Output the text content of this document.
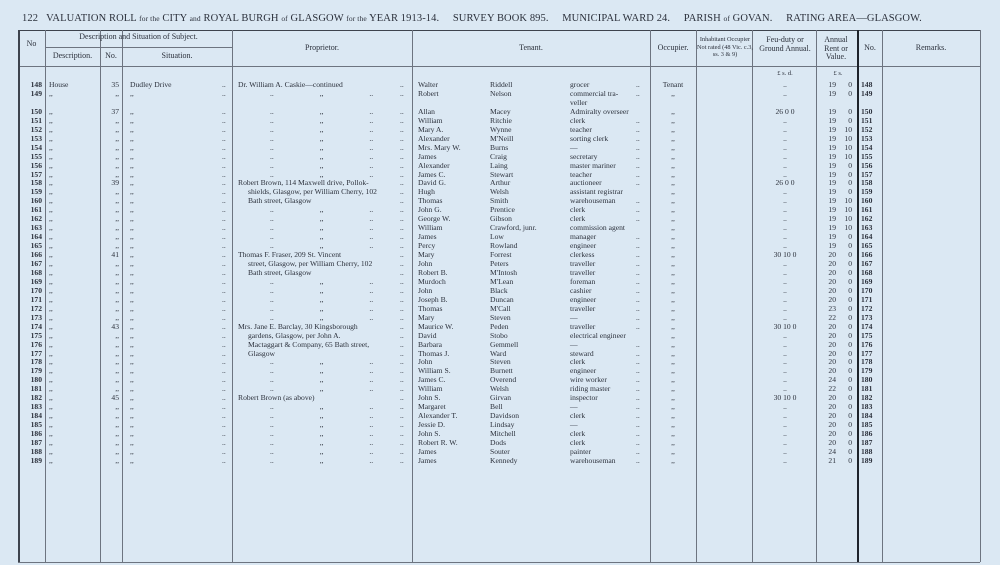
122 VALUATION ROLL for the CITY and ROYAL BURGH of GLASGOW for the YEAR 1913-14. SURVEY BOOK 895. MUNICIPAL WARD 24. PARISH of GOVAN. RATING AREA—GLASGOW.
No
Description and Situation of Subject.
Description.	No.	Situation.
Proprietor.	Tenant.	Occupier.
Inhabitant Occupier Not rated (48 Vic. c.3, ss. 3 & 9)
Feu-duty or Ground Annual.
Annual Rent or Value.
No.	Remarks.
£ s. d.	£ s.
148 House	35 Dudley Drive	Dr. William A. Caskie—continued	Walter	Riddell	grocer	..	Tenant	..	19	0 148
..	..
149 ,,	,, ,,	.. ,, ..	Robert	Nelson	commercial tra- ..	,,	..	19	0 149
..	..
veller
150 ,,	37 ,,	.. ,, ..	Allan	Macey	Admiralty overseer	,,	26 0 0	19	0 150
..	..
151 ,,	,, ,,	.. ,, ..	William	Ritchie	clerk	..	,,	..	19	0 151
..	..
152 ,,	,, ,,	.. ,, ..	Mary A.	Wynne	teacher	..	,,	..	19	10 152
..	..
153 ,,	,, ,,	.. ,, ..	Alexander	M'Neill	sorting clerk	..	,,	..	19	10 153
..	..
154 ,,	,, ,,	.. ,, ..	Mrs. Mary W.	Burns	—	..	,,	..	19	10 154
..	..
155 ,,	,, ,,	.. ,, ..	James	Craig	secretary	..	,,	..	19	10 155
..	..
156 ,,	,, ,,	.. ,, ..	Alexander	Laing	master mariner	..	,,	..	19	0 156
..	..
157 ,,	,, ,,	.. ,, ..	James C.	Stewart	teacher	..	,,	..	19	0 157
..	..
158 ,,	39 ,,	Robert Brown, 114 Maxwell drive, Pollok-	David G.	Arthur	auctioneer	..	,,	26 0 0	19	0 158
..	..
159 ,,	,, ,,	shields, Glasgow, per William Cherry, 102	Hugh	Welsh	assistant registrar	,,	..	19	0 159
..	..
160 ,,	,, ,,	Bath street, Glasgow	Thomas	Smith	warehouseman	..	,,	..	19	10 160
..	..
161 ,,	,, ,,	.. ,, ..	John G.	Prentice	clerk	..	,,	..	19	10 161
..	..
162 ,,	,, ,,	.. ,, ..	George W.	Gibson	clerk	..	,,	..	19	10 162
..	..
163 ,,	,, ,,	.. ,, ..	William	Crawford, junr.	commission agent	,,	..	19	10 163
..	..
164 ,,	,, ,,	.. ,, ..	James	Low	manager	..	,,	..	19	0 164
..	..
165 ,,	,, ,,	.. ,, ..	Percy	Rowland	engineer	..	,,	..	19	0 165
..	..
166 ,,	41 ,,	Thomas F. Fraser, 209 St. Vincent	Mary	Forrest	clerkess	..	,,	30 10 0	20	0 166
..	..
167 ,,	,, ,,	street, Glasgow, per William Cherry, 102	John	Peters	traveller	..	,,	..	20	0 167
..	..
168 ,,	,, ,,	Bath street, Glasgow	Robert B.	M'Intosh	traveller	..	,,	..	20	0 168
..	..
169 ,,	,, ,,	.. ,, ..	Murdoch	M'Lean	foreman	..	,,	..	20	0 169
..	..
170 ,,	,, ,,	.. ,, ..	John	Black	cashier	..	,,	..	20	0 170
..	..
171 ,,	,, ,,	.. ,, ..	Joseph B.	Duncan	engineer	..	,,	..	20	0 171
..	..
172 ,,	,, ,,	.. ,, ..	Thomas	M'Call	traveller	..	,,	..	23	0 172
..	..
173 ,,	,, ,,	.. ,, ..	Mary	Steven	—	..	,,	..	22	0 173
..	..
174 ,,	43 ,,	Mrs. Jane E. Barclay, 30 Kingsborough	Maurice W.	Peden	traveller	..	,,	30 10 0	20	0 174
..	..
175 ,,	,, ,,	gardens, Glasgow, per John A.	David	Stobo	electrical engineer	,,	..	20	0 175
..	..
176 ,,	,, ,,	Mactaggart & Company, 65 Bath street,	Barbara	Gemmell	—	..	,,	..	20	0 176
..	..
177 ,,	,, ,,	Glasgow	Thomas J.	Ward	steward	..	,,	..	20	0 177
..	..
178 ,,	,, ,,	.. ,, ..	John	Steven	clerk	..	,,	..	20	0 178
..	..
179 ,,	,, ,,	.. ,, ..	William S.	Burnett	engineer	..	,,	..	20	0 179
..	..
180 ,,	,, ,,	.. ,, ..	James C.	Overend	wire worker	..	,,	..	24	0 180
..	..
181 ,,	,, ,,	.. ,, ..	William	Welsh	riding master	..	,,	..	22	0 181
..	..
182 ,,	45 ,,	Robert Brown (as above)	John S.	Girvan	inspector	..	,,	30 10 0	20	0 182
..	..
183 ,,	,, ,,	.. ,, ..	Margaret	Bell	—	..	,,	..	20	0 183
..	..
184 ,,	,, ,,	.. ,, ..	Alexander T.	Davidson	clerk	..	,,	..	20	0 184
..	..
185 ,,	,, ,,	.. ,, ..	Jessie D.	Lindsay	—	..	,,	..	20	0 185
..	..
186 ,,	,, ,,	.. ,, ..	John S.	Mitchell	clerk	..	,,	..	20	0 186
..	..
187 ,,	,, ,,	.. ,, ..	Robert R. W.	Dods	clerk	..	,,	..	20	0 187
..	..
188 ,,	,, ,,	.. ,, ..	James	Souter	painter	..	,,	..	24	0 188
..	..
189 ,,	,, ,,	.. ,, ..	James	Kennedy	warehouseman	..	,,	..	21	0 189
..	..
